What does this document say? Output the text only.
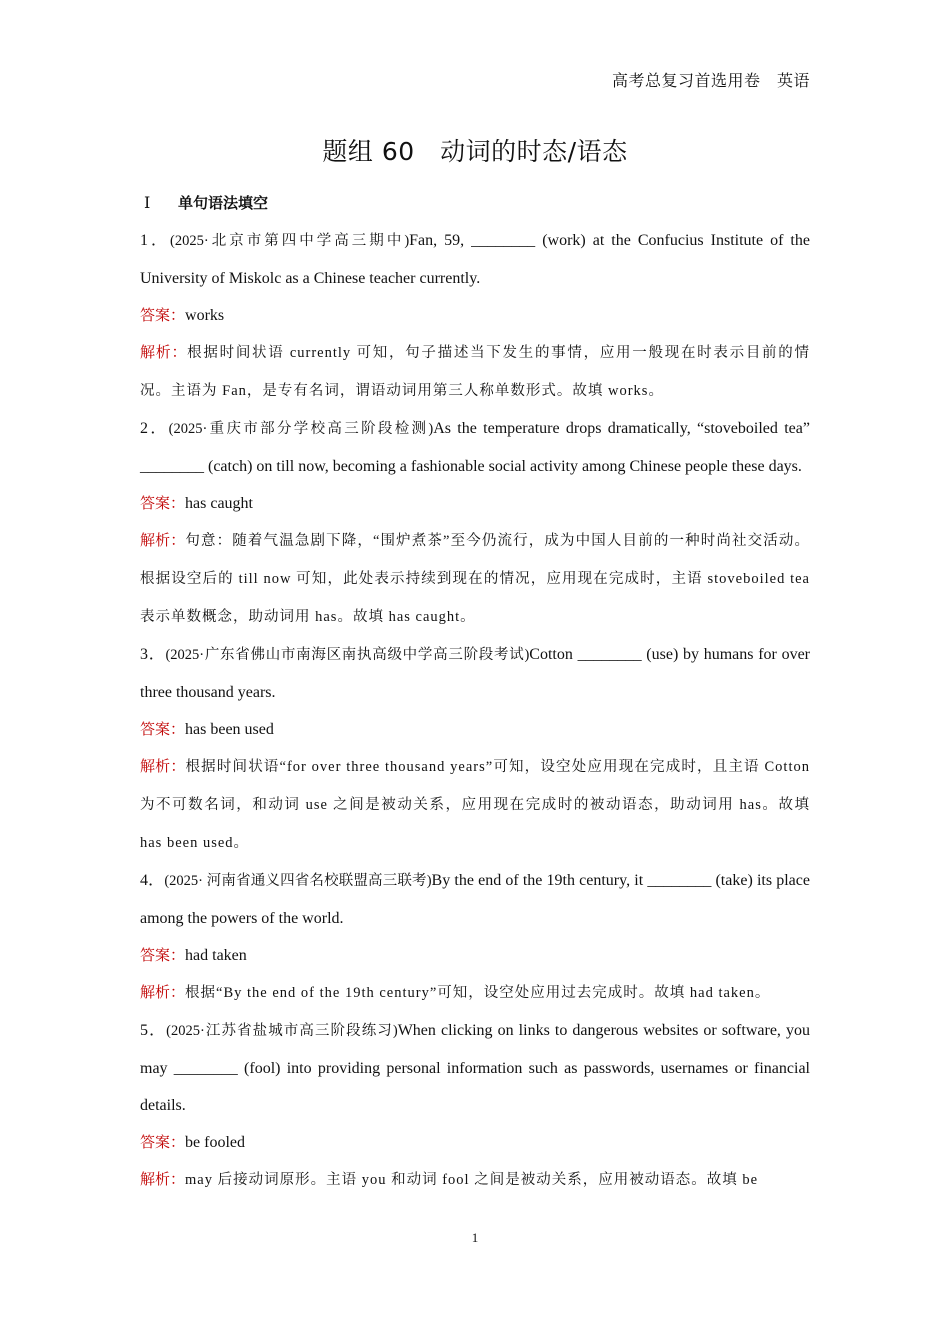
高考总复习首选用卷　英语
题组 60　动词的时态/语态
Ⅰ 单句语法填空
1．(2025·北京市第四中学高三期中)Fan, 59, ________ (work) at the Confucius Institute of the University of Miskolc as a Chinese teacher currently.
答案：works
解析：根据时间状语 currently 可知，句子描述当下发生的事情，应用一般现在时表示目前的情况。主语为 Fan，是专有名词，谓语动词用第三人称单数形式。故填 works。
2．(2025·重庆市部分学校高三阶段检测)As the temperature drops dramatically, “stoveboiled tea” ________ (catch) on till now, becoming a fashionable social activity among Chinese people these days.
答案：has caught
解析：句意：随着气温急剧下降，“围炉煮茶”至今仍流行，成为中国人目前的一种时尚社交活动。根据设空后的 till now 可知，此处表示持续到现在的情况，应用现在完成时，主语 stoveboiled tea 表示单数概念，助动词用 has。故填 has caught。
3．(2025·广东省佛山市南海区南执高级中学高三阶段考试)Cotton ________ (use) by humans for over three thousand years.
答案：has been used
解析：根据时间状语“for over three thousand years”可知，设空处应用现在完成时，且主语 Cotton 为不可数名词，和动词 use 之间是被动关系，应用现在完成时的被动语态，助动词用 has。故填 has been used。
4．(2025· 河南省通义四省名校联盟高三联考)By the end of the 19th century, it ________ (take) its place among the powers of the world.
答案：had taken
解析：根据“By the end of the 19th century”可知，设空处应用过去完成时。故填 had taken。
5．(2025·江苏省盐城市高三阶段练习)When clicking on links to dangerous websites or software, you may ________ (fool) into providing personal information such as passwords, usernames or financial details.
答案：be fooled
解析：may 后接动词原形。主语 you 和动词 fool 之间是被动关系，应用被动语态。故填 be
1
